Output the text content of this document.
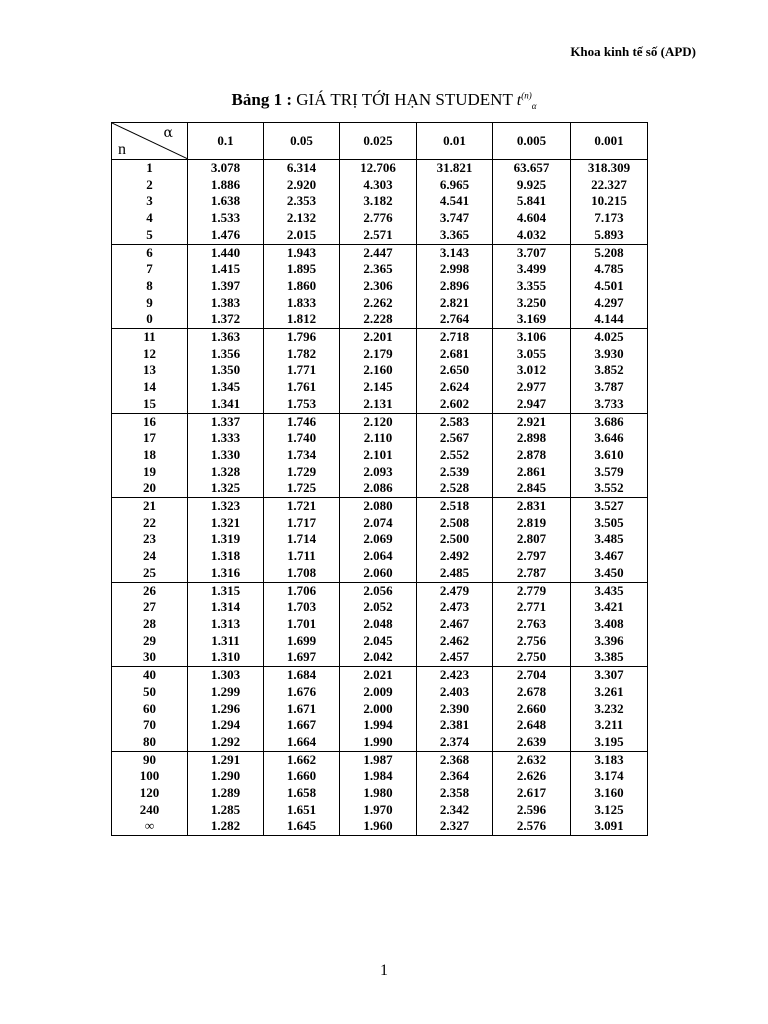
Khoa kinh tế số (APD)
Bảng 1 : GIÁ TRỊ TỚI HẠN STUDENT $t^{(n)}_\alpha$
α
n	0.1	0.05	0.025	0.01	0.005	0.001
1	3.078	6.314	12.706	31.821	63.657	318.309
2	1.886	2.920	4.303	6.965	9.925	22.327
3	1.638	2.353	3.182	4.541	5.841	10.215
4	1.533	2.132	2.776	3.747	4.604	7.173
5	1.476	2.015	2.571	3.365	4.032	5.893
6	1.440	1.943	2.447	3.143	3.707	5.208
7	1.415	1.895	2.365	2.998	3.499	4.785
8	1.397	1.860	2.306	2.896	3.355	4.501
9	1.383	1.833	2.262	2.821	3.250	4.297
0	1.372	1.812	2.228	2.764	3.169	4.144
11	1.363	1.796	2.201	2.718	3.106	4.025
12	1.356	1.782	2.179	2.681	3.055	3.930
13	1.350	1.771	2.160	2.650	3.012	3.852
14	1.345	1.761	2.145	2.624	2.977	3.787
15	1.341	1.753	2.131	2.602	2.947	3.733
16	1.337	1.746	2.120	2.583	2.921	3.686
17	1.333	1.740	2.110	2.567	2.898	3.646
18	1.330	1.734	2.101	2.552	2.878	3.610
19	1.328	1.729	2.093	2.539	2.861	3.579
20	1.325	1.725	2.086	2.528	2.845	3.552
21	1.323	1.721	2.080	2.518	2.831	3.527
22	1.321	1.717	2.074	2.508	2.819	3.505
23	1.319	1.714	2.069	2.500	2.807	3.485
24	1.318	1.711	2.064	2.492	2.797	3.467
25	1.316	1.708	2.060	2.485	2.787	3.450
26	1.315	1.706	2.056	2.479	2.779	3.435
27	1.314	1.703	2.052	2.473	2.771	3.421
28	1.313	1.701	2.048	2.467	2.763	3.408
29	1.311	1.699	2.045	2.462	2.756	3.396
30	1.310	1.697	2.042	2.457	2.750	3.385
40	1.303	1.684	2.021	2.423	2.704	3.307
50	1.299	1.676	2.009	2.403	2.678	3.261
60	1.296	1.671	2.000	2.390	2.660	3.232
70	1.294	1.667	1.994	2.381	2.648	3.211
80	1.292	1.664	1.990	2.374	2.639	3.195
90	1.291	1.662	1.987	2.368	2.632	3.183
100	1.290	1.660	1.984	2.364	2.626	3.174
120	1.289	1.658	1.980	2.358	2.617	3.160
240	1.285	1.651	1.970	2.342	2.596	3.125
∞	1.282	1.645	1.960	2.327	2.576	3.091
1
